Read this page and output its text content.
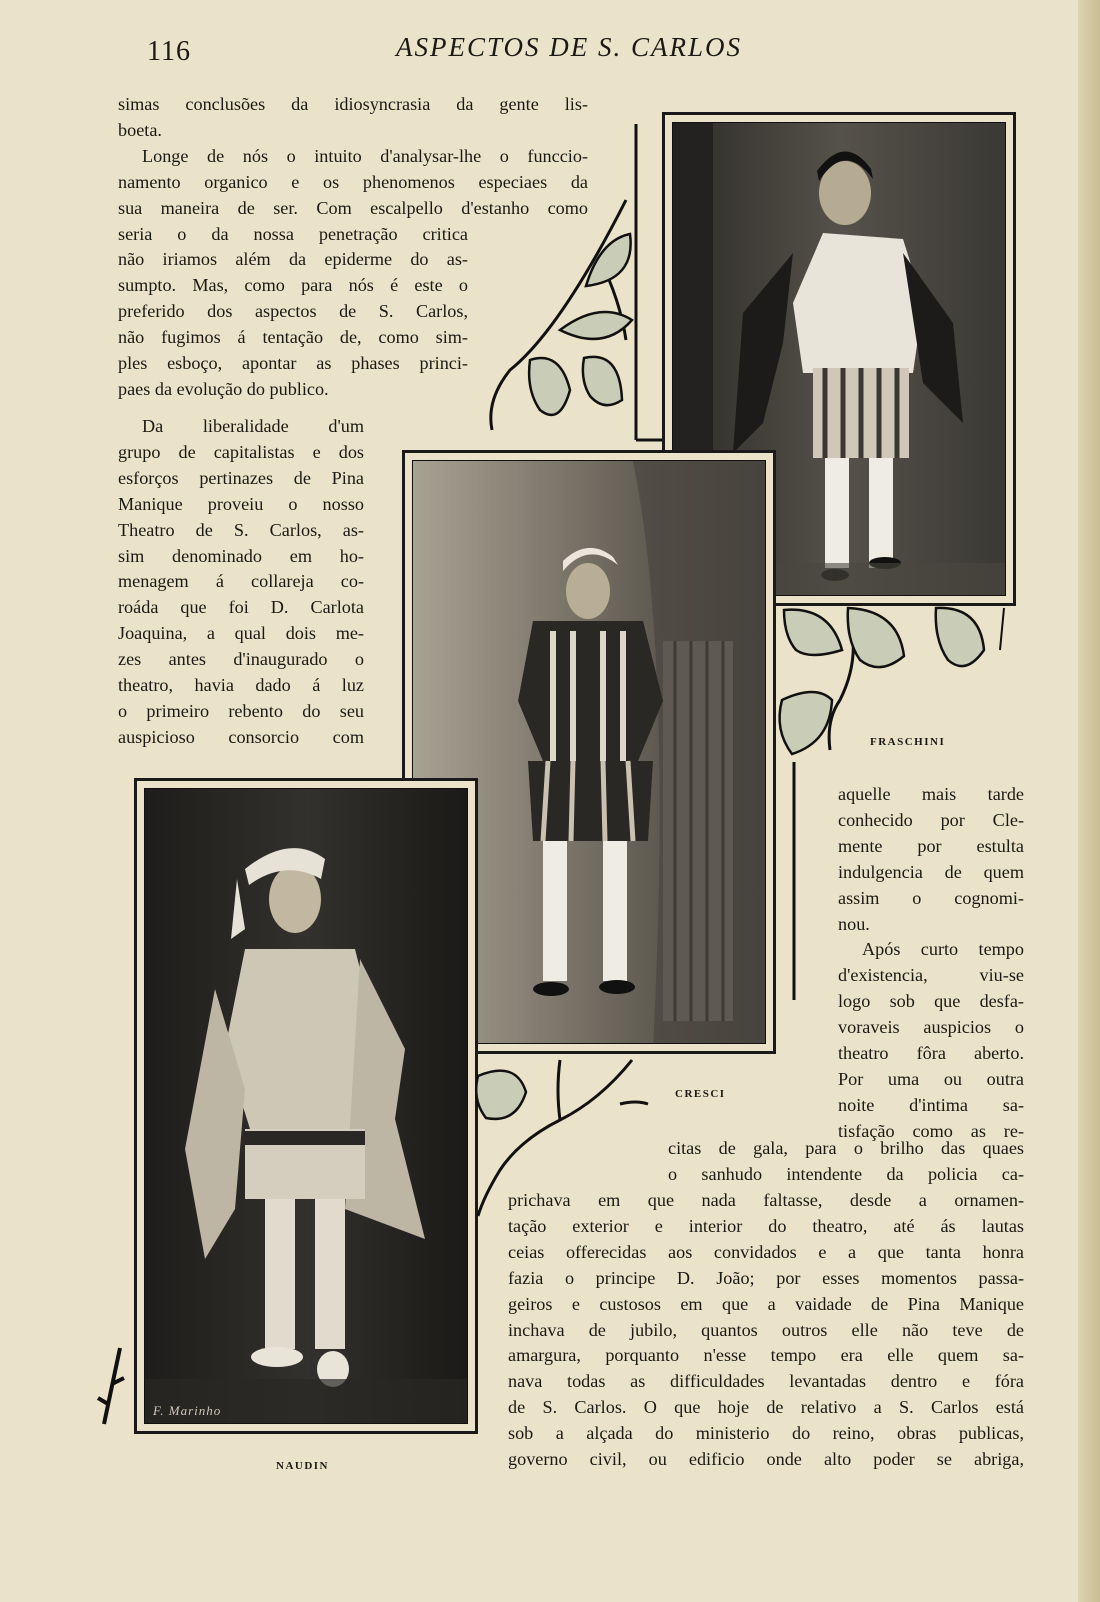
116	ASPECTOS DE S. CARLOS
simas conclusões da idiosyncrasia da gente lis-
boeta.
Longe de nós o intuito d'analysar-lhe o funccio-
namento organico e os phenomenos especiaes da
sua maneira de ser. Com escalpello d'estanho como
seria o da nossa penetração critica
não iriamos além da epiderme do as-
sumpto. Mas, como para nós é este o
preferido dos aspectos de S. Carlos,
não fugimos á tentação de, como sim-
ples esboço, apontar as phases princi-
paes da evolução do publico.
Da liberalidade d'um
grupo de capitalistas e dos
esforços pertinazes de Pina
Manique proveiu o nosso
Theatro de S. Carlos, as-
sim denominado em ho-
menagem á collareja co-
roáda que foi D. Carlota
Joaquina, a qual dois me-
zes antes d'inaugurado o
theatro, havia dado á luz
o primeiro rebento do seu
auspicioso consorcio com
aquelle mais tarde
conhecido por Cle-
mente por estulta
indulgencia de quem
assim o cognomi-
nou.
Após curto tempo
d'existencia, viu-se
logo sob que desfa-
voraveis auspicios o
theatro fôra aberto.
Por uma ou outra
noite d'intima sa-
tisfação como as re-
citas de gala, para o brilho das quaes
o sanhudo intendente da policia ca-
prichava em que nada faltasse, desde a ornamen-
tação exterior e interior do theatro, até ás lautas
ceias offerecidas aos convidados e a que tanta honra
fazia o principe D. João; por esses momentos passa-
geiros e custosos em que a vaidade de Pina Manique
inchava de jubilo, quantos outros elle não teve de
amargura, porquanto n'esse tempo era elle quem sa-
nava todas as difficuldades levantadas dentro e fóra
de S. Carlos. O que hoje de relativo a S. Carlos está
sob a alçada do ministerio do reino, obras publicas,
governo civil, ou edificio onde alto poder se abriga,
FRASCHINI
CRESCI
F. Marinho
NAUDIN
